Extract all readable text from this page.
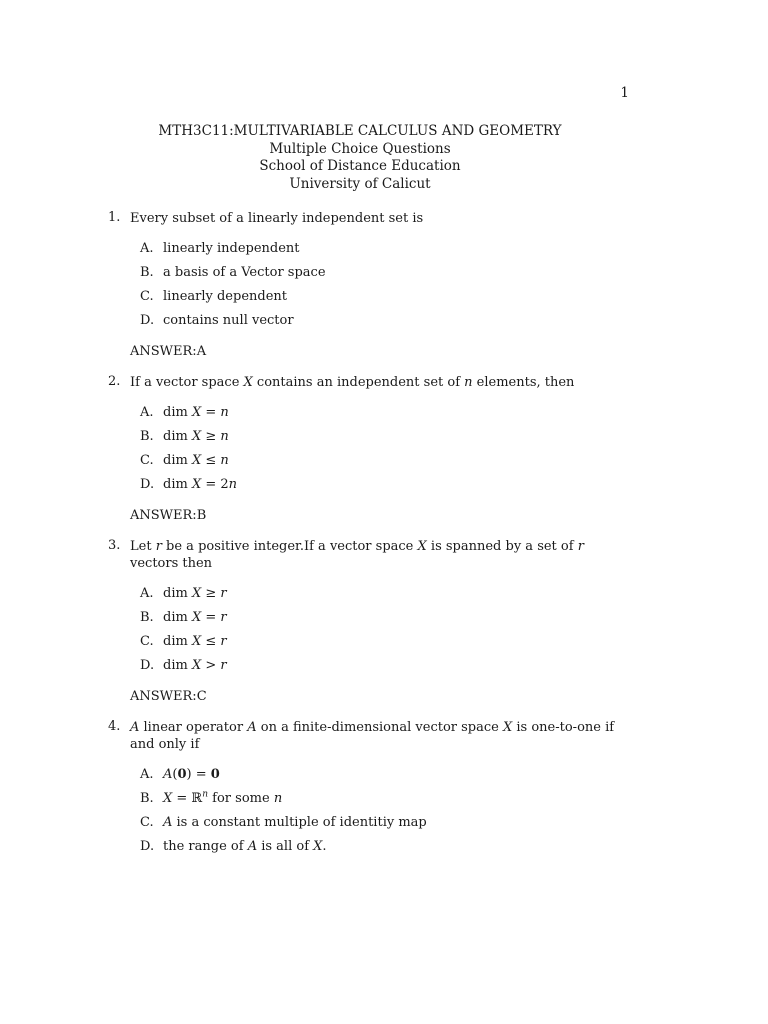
1
MTH3C11:MULTIVARIABLE CALCULUS AND GEOMETRY
Multiple Choice Questions
School of Distance Education
University of Calicut
1. Every subset of a linearly independent set is
A. linearly independent
B. a basis of a Vector space
C. linearly dependent
D. contains null vector
ANSWER:A
2. If a vector space X contains an independent set of n elements, then
A. dim X = n
B. dim X ≥ n
C. dim X ≤ n
D. dim X = 2n
ANSWER:B
3. Let r be a positive integer.If a vector space X is spanned by a set of r vectors then
A. dim X ≥ r
B. dim X = r
C. dim X ≤ r
D. dim X > r
ANSWER:C
4. A linear operator A on a finite-dimensional vector space X is one-to-one if and only if
A. A(0) = 0
B. X = ℝ$^n$ for some n
C. A is a constant multiple of identitiy map
D. the range of A is all of X.
